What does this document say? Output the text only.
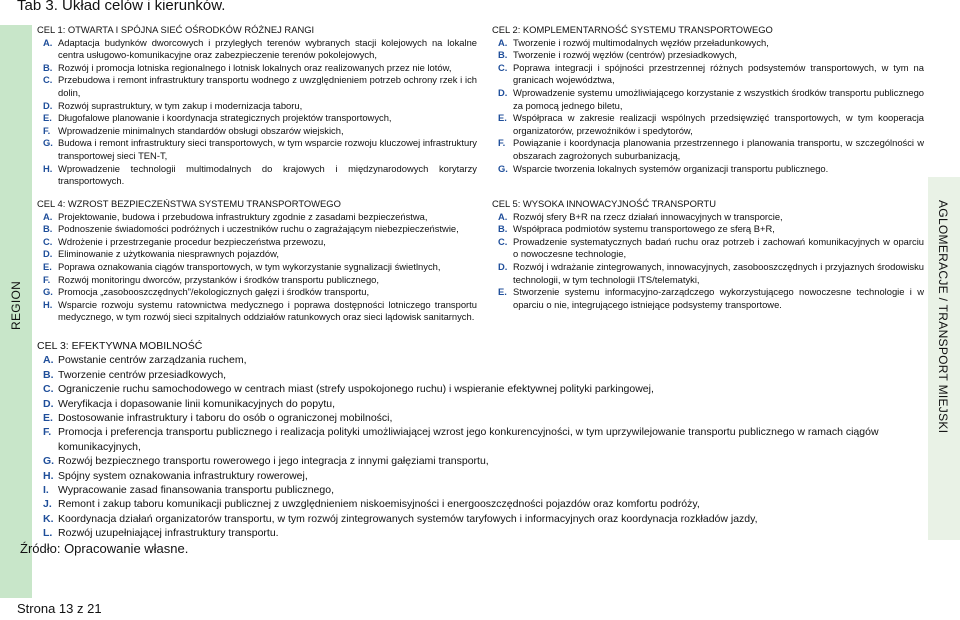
Tab 3. Układ celów i kierunków.
REGION	AGLOMERACJE / TRANSPORT MIEJSKI
CEL 1: OTWARTA I SPÓJNA SIEĆ OŚRODKÓW RÓŻNEJ RANGI
A. Adaptacja budynków dworcowych i przyległych terenów wybranych stacji kolejowych na lokalne centra usługowo-komunikacyjne oraz zabezpieczenie terenów pokolejowych,
B. Rozwój i promocja lotniska regionalnego i lotnisk lokalnych oraz realizowanych przez nie lotów,
C. Przebudowa i remont infrastruktury transportu wodnego z uwzględnieniem potrzeb ochrony rzek i ich dolin,
D. Rozwój suprastruktury, w tym zakup i modernizacja taboru,
E. Długofalowe planowanie i koordynacja strategicznych projektów transportowych,
F. Wprowadzenie minimalnych standardów obsługi obszarów wiejskich,
G. Budowa i remont infrastruktury sieci transportowych, w tym wsparcie rozwoju kluczowej infrastruktury transportowej sieci TEN-T,
H. Wprowadzenie technologii multimodalnych do krajowych i międzynarodowych korytarzy transportowych.
CEL 4: WZROST BEZPIECZEŃSTWA SYSTEMU TRANSPORTOWEGO
A. Projektowanie, budowa i przebudowa infrastruktury zgodnie z zasadami bezpieczeństwa,
B. Podnoszenie świadomości podróżnych i uczestników ruchu o zagrażającym niebezpieczeństwie,
C. Wdrożenie i przestrzeganie procedur bezpieczeństwa przewozu,
D. Eliminowanie z użytkowania niesprawnych pojazdów,
E. Poprawa oznakowania ciągów transportowych, w tym wykorzystanie sygnalizacji świetlnych,
F. Rozwój monitoringu dworców, przystanków i środków transportu publicznego,
G. Promocja „zasobooszczędnych”/ekologicznych gałęzi i środków transportu,
H. Wsparcie rozwoju systemu ratownictwa medycznego i poprawa dostępności lotniczego transportu medycznego, w tym rozwój sieci szpitalnych oddziałów ratunkowych oraz sieci lądowisk sanitarnych.
CEL 2: KOMPLEMENTARNOŚĆ SYSTEMU TRANSPORTOWEGO
A. Tworzenie i rozwój multimodalnych węzłów przeładunkowych,
B. Tworzenie i rozwój węzłów (centrów) przesiadkowych,
C. Poprawa integracji i spójności przestrzennej różnych podsystemów transportowych, w tym na granicach województwa,
D. Wprowadzenie systemu umożliwiającego korzystanie z wszystkich środków transportu publicznego za pomocą jednego biletu,
E. Współpraca w zakresie realizacji wspólnych przedsięwzięć transportowych, w tym kooperacja organizatorów, przewoźników i spedytorów,
F. Powiązanie i koordynacja planowania przestrzennego i planowania transportu, w szczególności w obszarach zagrożonych suburbanizacją,
G. Wsparcie tworzenia lokalnych systemów organizacji transportu publicznego.
CEL 5: WYSOKA INNOWACYJNOŚĆ TRANSPORTU
A. Rozwój sfery B+R na rzecz działań innowacyjnych w transporcie,
B. Współpraca podmiotów systemu transportowego ze sferą B+R,
C. Prowadzenie systematycznych badań ruchu oraz potrzeb i zachowań komunikacyjnych w oparciu o nowoczesne technologie,
D. Rozwój i wdrażanie zintegrowanych, innowacyjnych, zasobooszczędnych i przyjaznych środowisku technologii, w tym technologii ITS/telematyki,
E. Stworzenie systemu informacyjno-zarządczego wykorzystującego nowoczesne technologie i w oparciu o nie, integrującego istniejące podsystemy transportowe.
CEL 3: EFEKTYWNA MOBILNOŚĆ
A. Powstanie centrów zarządzania ruchem,
B. Tworzenie centrów przesiadkowych,
C. Ograniczenie ruchu samochodowego w centrach miast (strefy uspokojonego ruchu) i wspieranie efektywnej polityki parkingowej,
D. Weryfikacja i dopasowanie linii komunikacyjnych do popytu,
E. Dostosowanie infrastruktury i taboru do osób o ograniczonej mobilności,
F. Promocja i preferencja transportu publicznego i realizacja polityki umożliwiającej wzrost jego konkurencyjności, w tym uprzywilejowanie transportu publicznego w ramach ciągów komunikacyjnych,
G. Rozwój bezpiecznego transportu rowerowego i jego integracja z innymi gałęziami transportu,
H. Spójny system oznakowania infrastruktury rowerowej,
I. Wypracowanie zasad finansowania transportu publicznego,
J. Remont i zakup taboru komunikacji publicznej z uwzględnieniem niskoemisyjności i energooszczędności pojazdów oraz komfortu podróży,
K. Koordynacja działań organizatorów transportu, w tym rozwój zintegrowanych systemów taryfowych i informacyjnych oraz koordynacja rozkładów jazdy,
L. Rozwój uzupełniającej infrastruktury transportu.
Źródło: Opracowanie własne.
Strona 13 z 21
